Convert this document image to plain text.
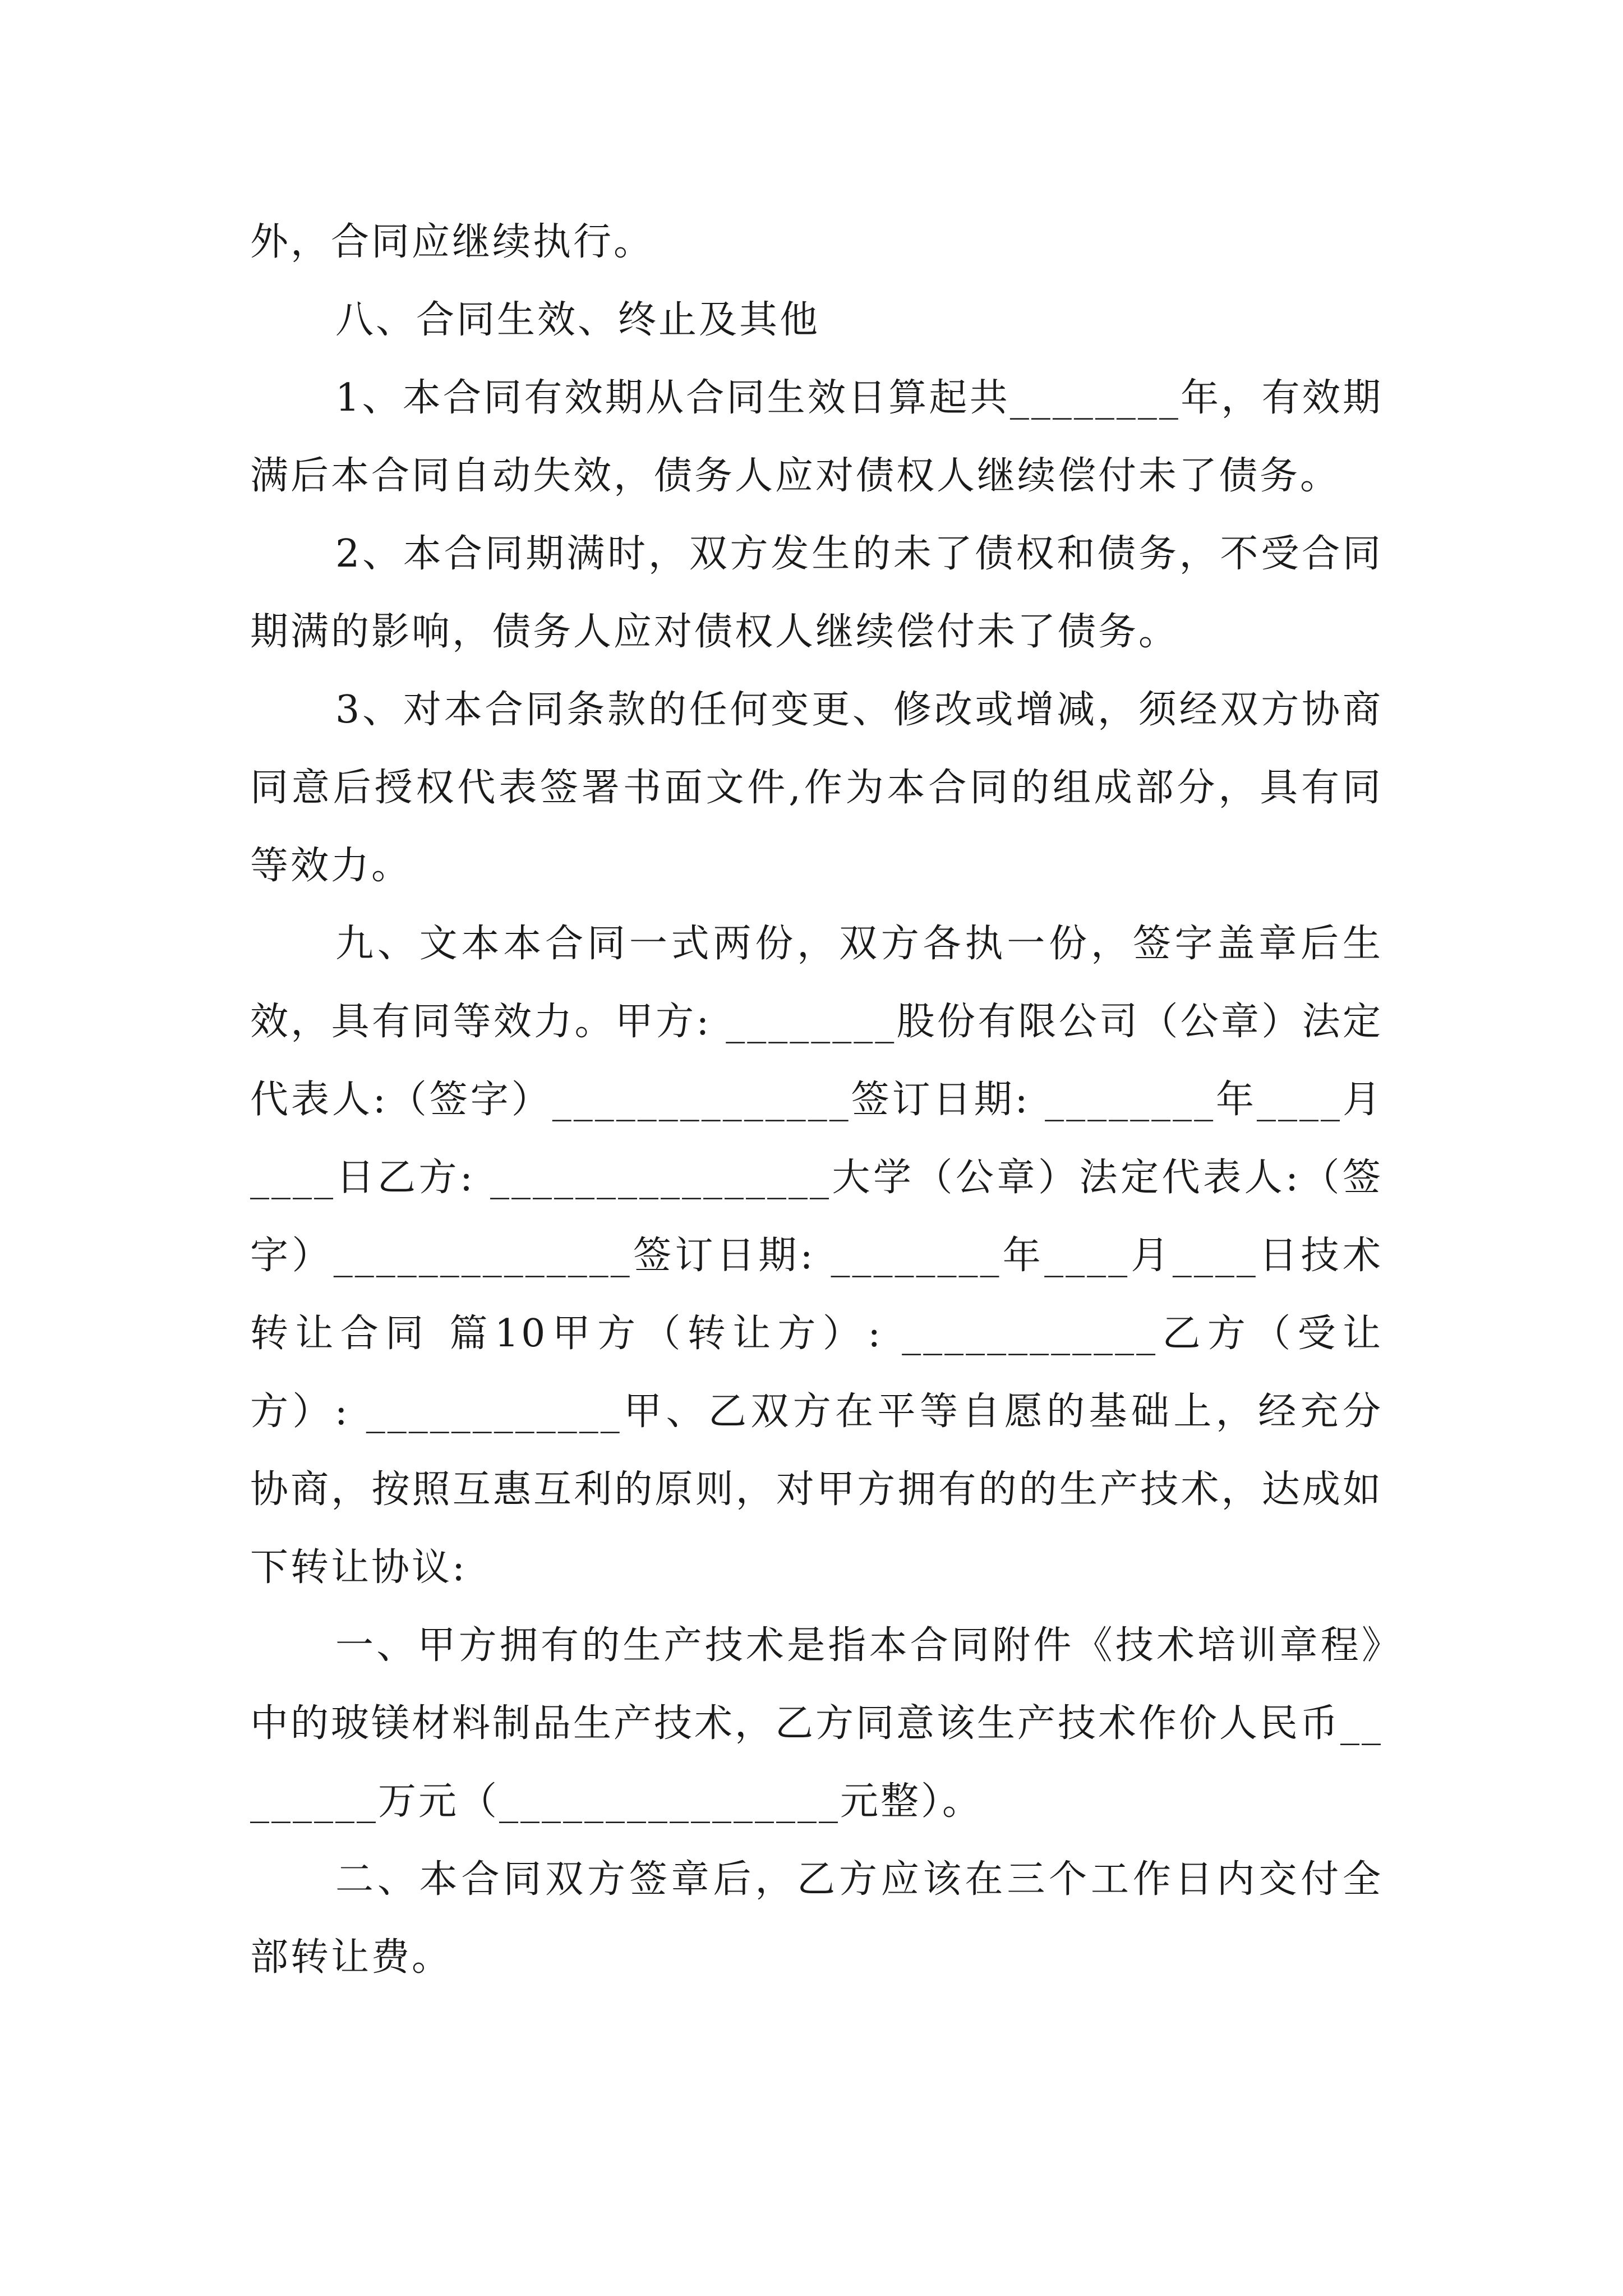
外，合同应继续执行。

八、合同生效、终止及其他

1、本合同有效期从合同生效日算起共________年，有效期满后本合同自动失效，债务人应对债权人继续偿付未了债务。

2、本合同期满时，双方发生的未了债权和债务，不受合同期满的影响，债务人应对债权人继续偿付未了债务。

3、对本合同条款的任何变更、修改或增减，须经双方协商同意后授权代表签署书面文件,作为本合同的组成部分，具有同等效力。

九、文本本合同一式两份，双方各执一份，签字盖章后生效，具有同等效力。甲方: ________股份有限公司（公章）法定代表人:（签字）______________签订日期: ________年____月____日乙方: ________________大学（公章）法定代表人:（签字）______________签订日期: ________年____月____日技术转让合同 篇10甲方（转让方）: ____________乙方（受让方）: ____________甲、乙双方在平等自愿的基础上，经充分协商，按照互惠互利的原则，对甲方拥有的的生产技术，达成如下转让协议:

一、甲方拥有的生产技术是指本合同附件《技术培训章程》中的玻镁材料制品生产技术，乙方同意该生产技术作价人民币________万元（________________元整）。

二、本合同双方签章后，乙方应该在三个工作日内交付全部转让费。
